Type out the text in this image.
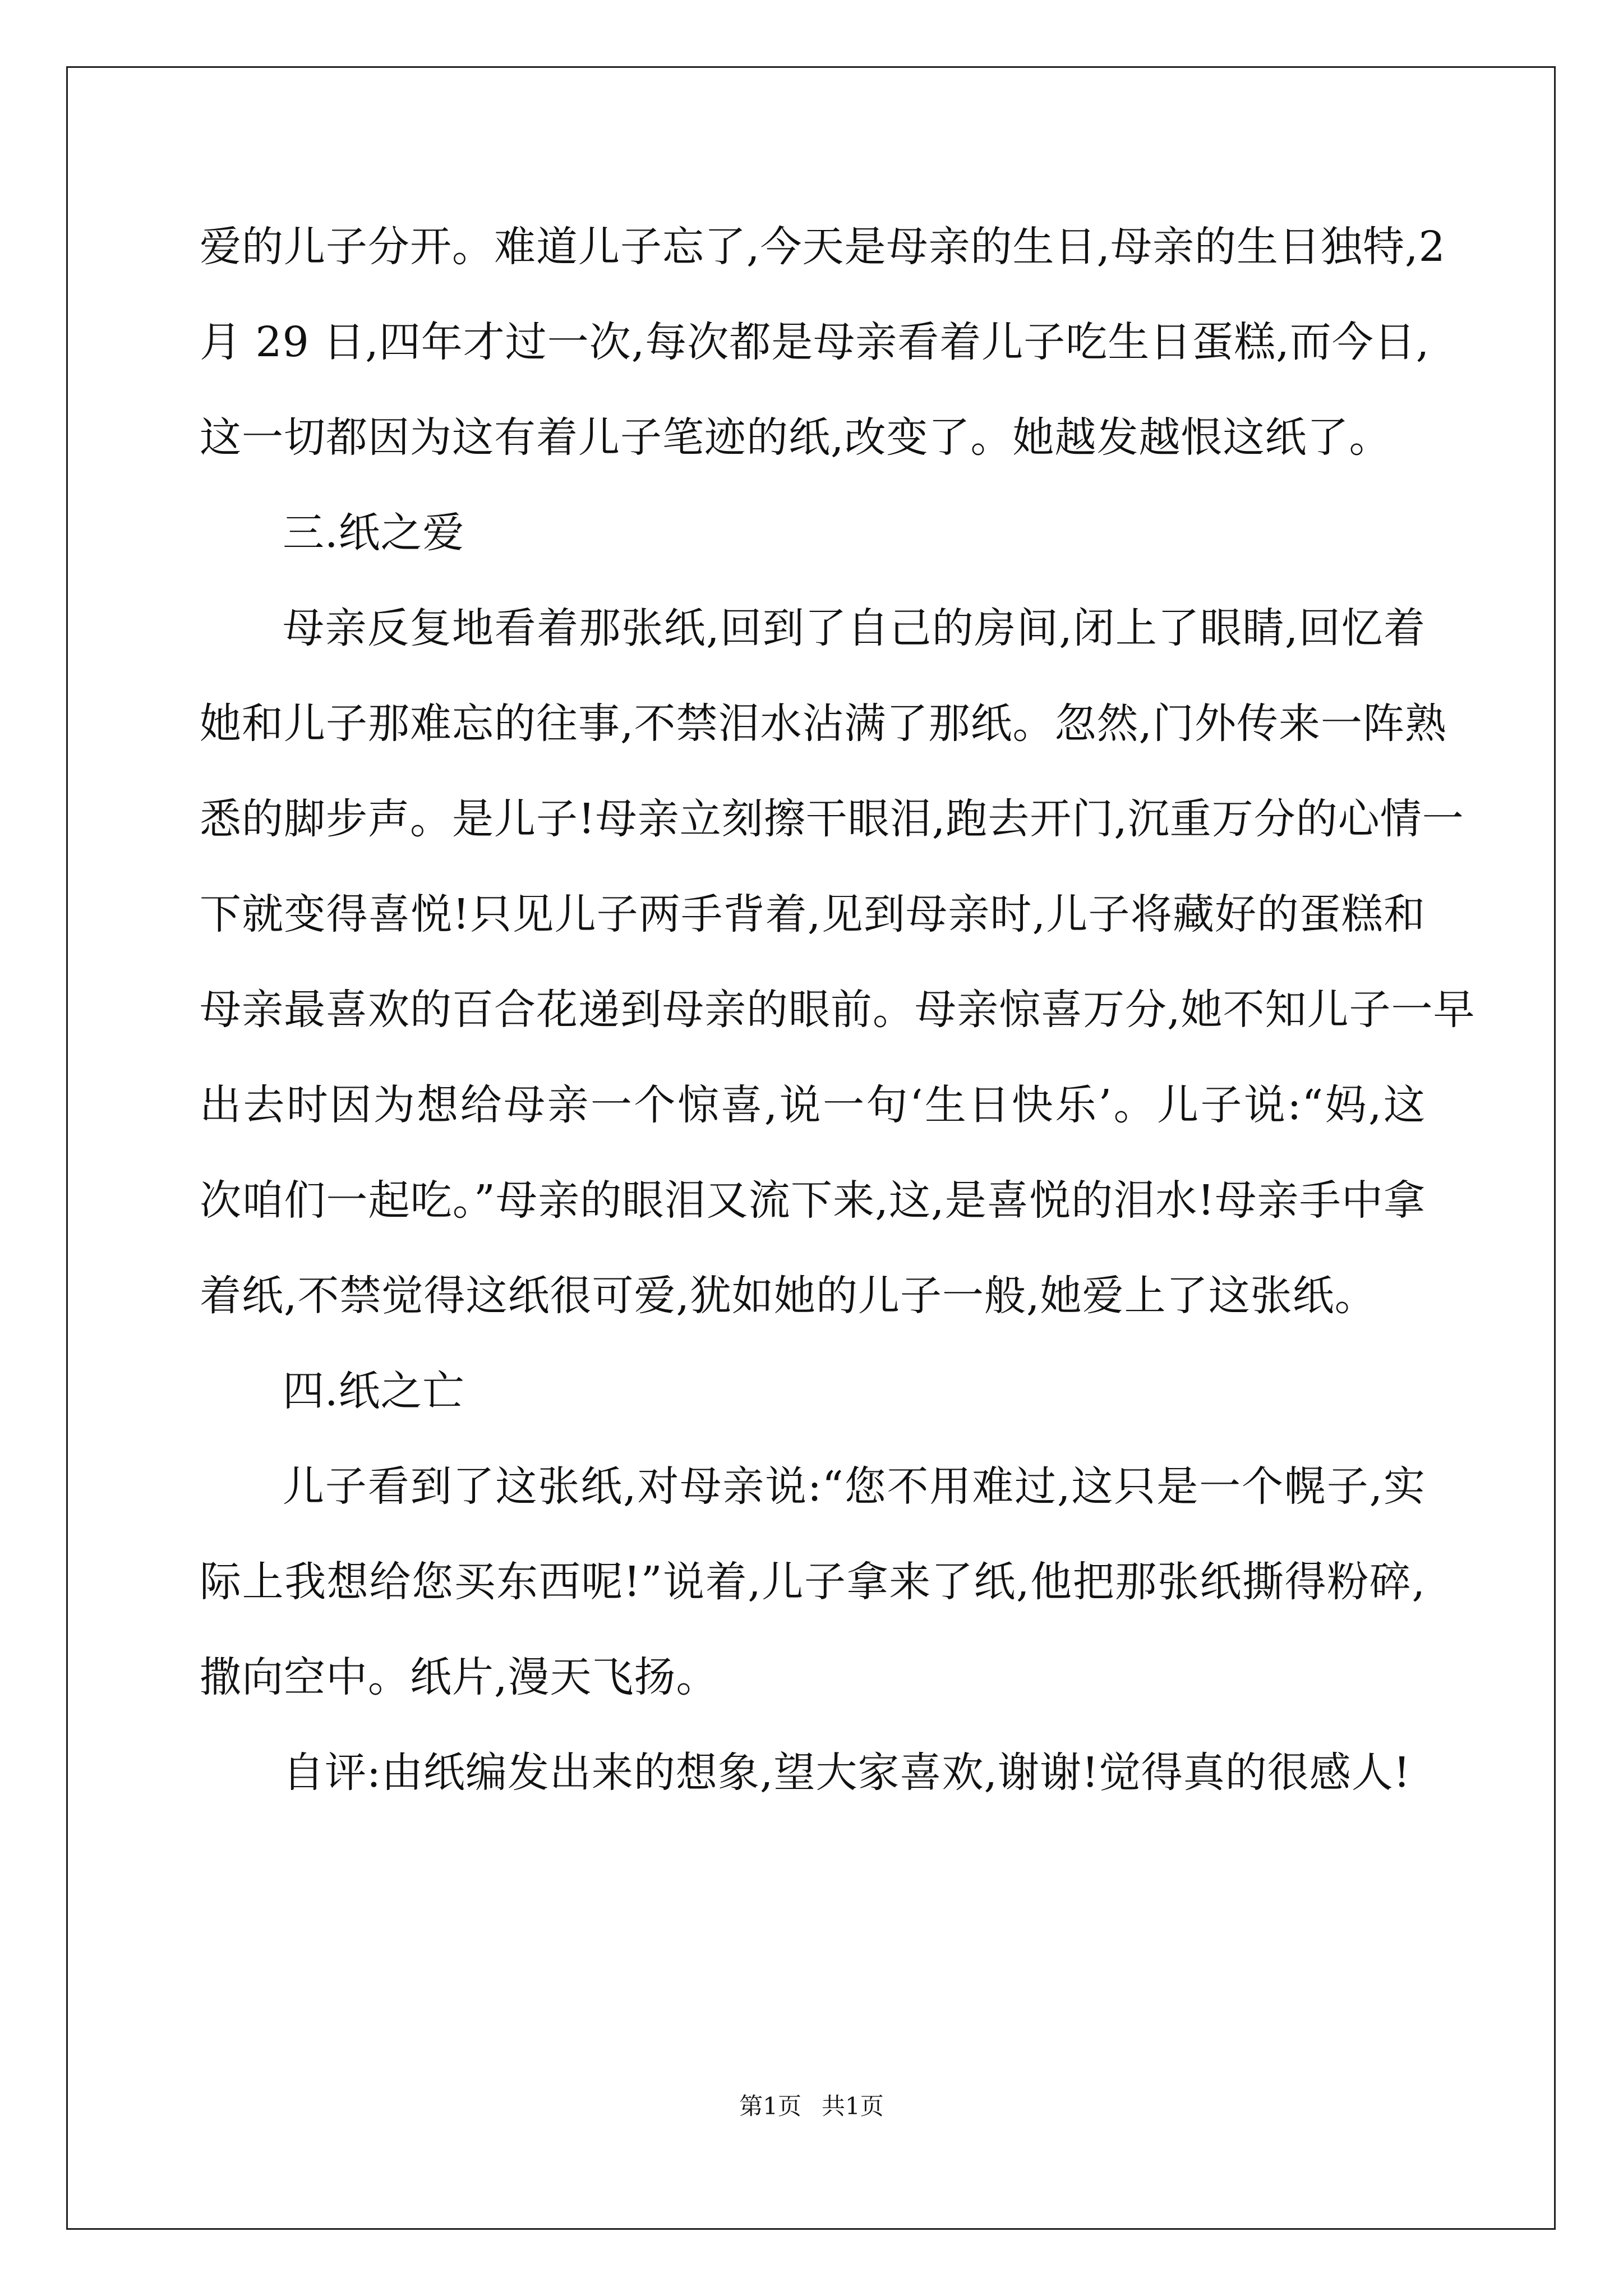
爱的儿子分开。难道儿子忘了,今天是母亲的生日,母亲的生日独特,2
月 29 日,四年才过一次,每次都是母亲看着儿子吃生日蛋糕,而今日,
这一切都因为这有着儿子笔迹的纸,改变了。她越发越恨这纸了。
三.纸之爱
母亲反复地看着那张纸,回到了自己的房间,闭上了眼睛,回忆着
她和儿子那难忘的往事,不禁泪水沾满了那纸。忽然,门外传来一阵熟
悉的脚步声。是儿子!母亲立刻擦干眼泪,跑去开门,沉重万分的心情一
下就变得喜悦!只见儿子两手背着,见到母亲时,儿子将藏好的蛋糕和
母亲最喜欢的百合花递到母亲的眼前。母亲惊喜万分,她不知儿子一早
出去时因为想给母亲一个惊喜,说一句‘生日快乐’。儿子说:“妈,这
次咱们一起吃。”母亲的眼泪又流下来,这,是喜悦的泪水!母亲手中拿
着纸,不禁觉得这纸很可爱,犹如她的儿子一般,她爱上了这张纸。
四.纸之亡
儿子看到了这张纸,对母亲说:“您不用难过,这只是一个幌子,实
际上我想给您买东西呢!”说着,儿子拿来了纸,他把那张纸撕得粉碎,
撒向空中。纸片,漫天飞扬。
自评:由纸编发出来的想象,望大家喜欢,谢谢!觉得真的很感人!
第1页 共1页
